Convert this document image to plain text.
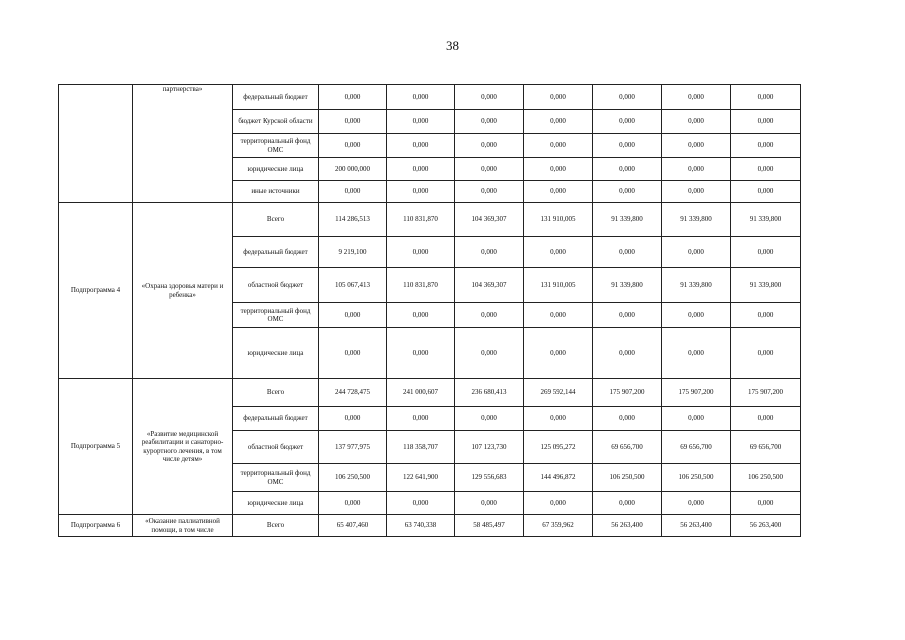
38
	партнерства»	федеральный бюджет	0,000	0,000	0,000	0,000	0,000	0,000	0,000
		бюджет Курской области	0,000	0,000	0,000	0,000	0,000	0,000	0,000
		территориальный фонд ОМС	0,000	0,000	0,000	0,000	0,000	0,000	0,000
		юридические лица	200 000,000	0,000	0,000	0,000	0,000	0,000	0,000
		иные источники	0,000	0,000	0,000	0,000	0,000	0,000	0,000
Подпрограмма 4	«Охрана здоровья матери и ребенка»	Всего	114 286,513	110 831,870	104 369,307	131 910,005	91 339,800	91 339,800	91 339,800
		федеральный бюджет	9 219,100	0,000	0,000	0,000	0,000	0,000	0,000
		областной бюджет	105 067,413	110 831,870	104 369,307	131 910,005	91 339,800	91 339,800	91 339,800
		территориальный фонд ОМС	0,000	0,000	0,000	0,000	0,000	0,000	0,000
		юридические лица	0,000	0,000	0,000	0,000	0,000	0,000	0,000
Подпрограмма 5	«Развитие медицинской реабилитации и санаторно-курортного лечения, в том числе детям»	Всего	244 728,475	241 000,607	236 680,413	269 592,144	175 907,200	175 907,200	175 907,200
		федеральный бюджет	0,000	0,000	0,000	0,000	0,000	0,000	0,000
		областной бюджет	137 977,975	118 358,707	107 123,730	125 095,272	69 656,700	69 656,700	69 656,700
		территориальный фонд ОМС	106 250,500	122 641,900	129 556,683	144 496,872	106 250,500	106 250,500	106 250,500
		юридические лица	0,000	0,000	0,000	0,000	0,000	0,000	0,000
Подпрограмма 6	«Оказание паллиативной помощи, в том числе	Всего	65 407,460	63 740,338	58 485,497	67 359,962	56 263,400	56 263,400	56 263,400
